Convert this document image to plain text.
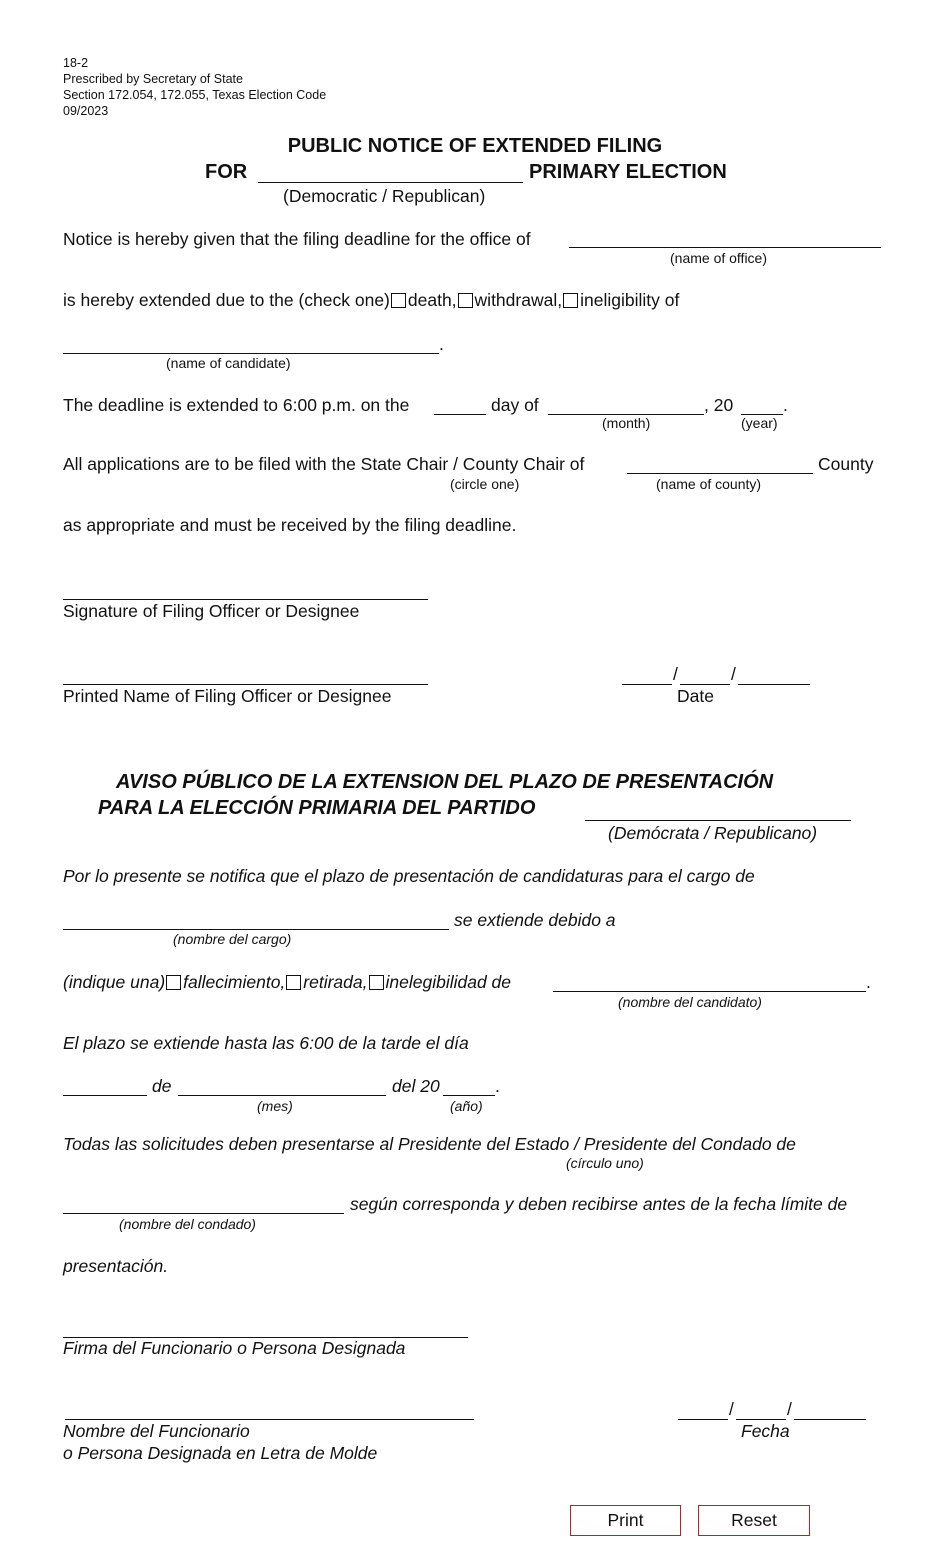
18-2
Prescribed by Secretary of State
Section 172.054, 172.055, Texas Election Code
09/2023
PUBLIC NOTICE OF EXTENDED FILING
FOR	PRIMARY ELECTION
(Democratic / Republican)
Notice is hereby given that the filing deadline for the office of
(name of office)
is hereby extended due to the (check one) death, withdrawal, ineligibility of
.
(name of candidate)
The deadline is extended to 6:00 p.m. on the	day of	, 20	.
(month)	(year)
All applications are to be filed with the State Chair / County Chair of	County
(circle one)	(name of county)
as appropriate and must be received by the filing deadline.
Signature of Filing Officer or Designee
Printed Name of Filing Officer or Designee
/	/
Date
AVISO PÚBLICO DE LA EXTENSION DEL PLAZO DE PRESENTACIÓN
PARA LA ELECCIÓN PRIMARIA DEL PARTIDO
(Demócrata / Republicano)
Por lo presente se notifica que el plazo de presentación de candidaturas para el cargo de
se extiende debido a
(nombre del cargo)
(indique una) fallecimiento, retirada, inelegibilidad de	.
(nombre del candidato)
El plazo se extiende hasta las 6:00 de la tarde el día
de	del 20	.
(mes)	(año)
Todas las solicitudes deben presentarse al Presidente del Estado / Presidente del Condado de
(círculo uno)
según corresponda y deben recibirse antes de la fecha límite de
(nombre del condado)
presentación.
Firma del Funcionario o Persona Designada
Nombre del Funcionario
o Persona Designada en Letra de Molde
/	/
Fecha
Print	Reset
